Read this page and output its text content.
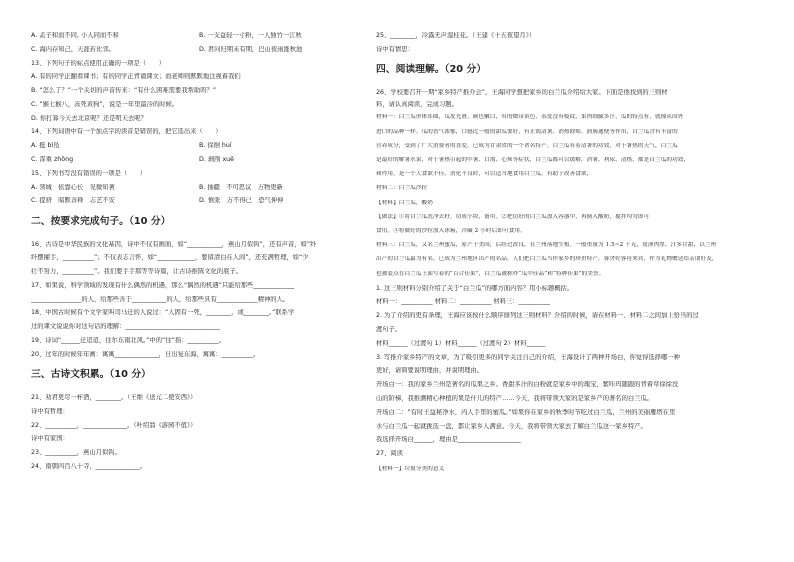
A. 孟子和而不同, 小人同而不和	B. 一支益轻一寸粉，一人独竹一江秋
C. 海内存知己，天涯若比邻。	D. 君问归期未有期，巴山夜雨涨秋池
13、下列句子的标点使用正确的一项是（　　）
A. 有的同学正翻看课书；有的同学正背诵课文；而老师则默默地注视着我们
B. “怎么了？”一个关切的声音传来：“有什么困难需要我帮助吗？”
C. “猴七猴八，冻死黄狗”，说是一年里最冷的时候。
D. 你打算今天去北京呢？还是明天去呢？
14、下列词语中有一个加点字的读音是错误的，把它选出来（　　）
A. 挺 bì凫	B. 徐徊 huí
C. 浑重 zhōng	D. 剥削 xuē
15、下列书写没有错误的一项是（　　）
A. 领城　依靠心长　见微知著	B. 抽疆　不可思议　万物更新
C. 提挤　暗默善释　志艺不安	D. 慎张　万不得已　恐气伸伸
二、按要求完成句子。（10 分）
16、古诗是中华民族的文化基因，诗中不仅有画面，如“___________，燕山月似钩”，还有声音，如“纤
纤摆擢手，__________”；不仅表志言怀，如“____________，要留清白在人间”，还充满哲理，如“少
壮不努力，__________”。我们要手手那等等诗篇，让古诗推陈文化的底子。
17、如果说，科学领域的发现有什么偶然的机遇，那么“偶然的机遇”只能给那些_____________
________________的人，给那些善于___________的人，给那些具有_____________精神的人。
18、中国古时候有个文学家叫司马迁的人说过：“人固有一死，________，或________。”联系学
过的课文说说你对这句话的理解：______________________________
19、诗词“______迁迢迢，往尔东南北风。”中的“往”指：__________。
20、过年的时候年年画：寓寓______________，日出复东海，寓寓：__________。
三、古诗文积累。（10 分）
21、劝君更尽一杯酒，________。（王维《送元二使安西》）
诗中有哲理：
22、__________，______________。（叶绍翁《游园不值》）
诗中有家国：
23、__________，燕山月似钩。
24、南朝四百八十寺，______________。
25、________，冷露无声湿桂花。（王建《十五夜望月》）
诗中有情思：
四、阅读理解。（20 分）
26、学校要召开一期“家乡特产推介会”，王海同学想把家乡的白兰瓜介绍给大家。下面是他找到的三则材
料，请认真阅读，完成习题。
材料一：白兰瓜形体浑圆，瓜皮光滑，颜色嫩白，有的微带黄色，表皮没有棱纹，果肉细腻多汁，瓜的特点有，就像从国外
进口的品种一样。瓜的香气浓郁，口感比一般的甜瓜要好，有止渴清暑、消热除烦、润肠通便等作用，白兰瓜含有丰富的
营养成分，受到了广大消费者的喜爱，已成为甘肃省的一个著名特产。白兰瓜有着清暑的功效，对于暑热的天气，白兰瓜
是最好的解暑水果，对于暑热引起的中暑、口渴、心烦等症状，白兰瓜都可以缓解，消暑、利尿、清热，都是白兰瓜的功效，
和作用，是一个人食欲不佳、消化不良时，可以适当地食用白兰瓜，有助于改善食欲，
材料二：白兰瓜沙拉
【材料】白兰瓜，酸奶
【做法】①将白兰瓜洗净去籽，切成小块，备用。②把切好的白兰瓜放入容器中，再倒入酸奶，搅拌均匀即可
食用。③将做好的沙拉放入冰箱，冷藏 2 小时后即可食用。
材料三：白兰瓜，又名兰州蜜瓜，原产于美国，后经过改良，在兰州落地生根。一般重量为 1.5~2 千克，皮薄肉厚，汁多甘甜，以兰州
出产的白兰瓜最为有名，已成为兰州地区出产的名品。人们把白兰瓜当作家乡的珍贵特产，客舍好客待来宾，作为礼物赠送给亲朋好友，
也被装点在白兰瓜上面写着的“百合佳果”，白兰瓜被称作“瓜中佳品”和“特种佳果”的美誉。
1. 这三则材料分别介绍了关于“白兰瓜”的哪方面内容？用小标题概括。
材料一：__________ 材料二：__________ 材料三：__________
2. 为了介绍的更有条理，王海应该按什么顺序排列这三则材料？介绍的时候，请在材料一、材料二之间加上恰当的过
渡句子。
材料______（过渡句 1）材料______（过渡句 2）材料______
3. 写推介家乡特产的文章，为了吸引更多的同学关注自己的介绍，王海设计了两种开场白，你觉得选择哪一种
更好，请简要说明理由，并说明理由。
开场白一：我的家乡兰州是著名的瓜果之乡。香甜多汁的白粉就是家乡中的瑰宝，紫咔玛随跟的背着草徐徐没
山的阶梯，我推测精心种植的果是什儿的特产……今天，我将带领大家的是家乡产的著名的白兰瓜。
开场白二：“有时王益秘净水，内人手里的蜜瓜。”如果你在家乡的秋季时节吃过白兰瓜，兰州的美丽雁塔在里
水与白兰瓜一起就挑选一盘，都让家乡人满意。今天，我将带领大家去了解白兰瓜这一家乡特产。
我选择开场白______，理由是____________________
27、阅读
【材料一】垃圾分类的意义
